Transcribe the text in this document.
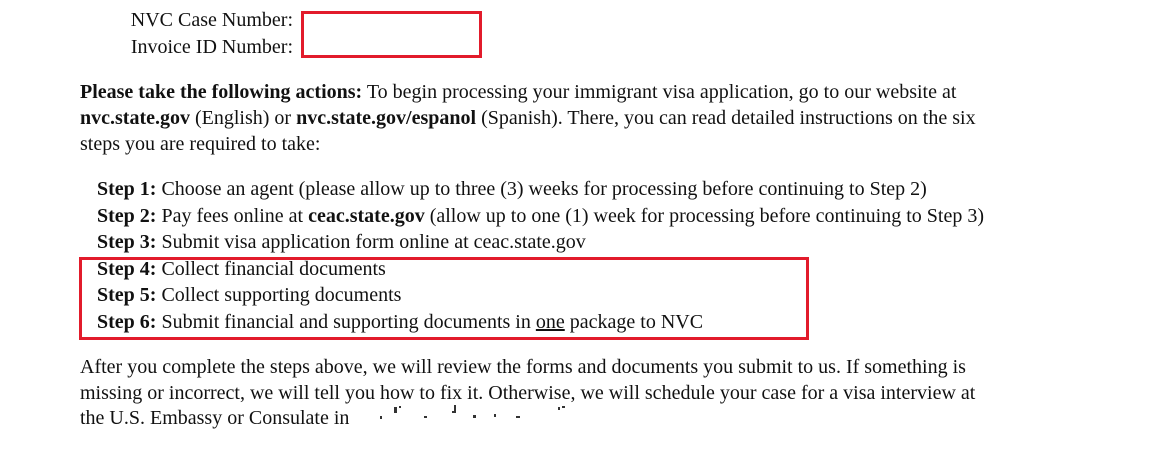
NVC Case Number:
Invoice ID Number:
Please take the following actions: To begin processing your immigrant visa application, go to our website at
nvc.state.gov (English) or nvc.state.gov/espanol (Spanish). There, you can read detailed instructions on the six
steps you are required to take:
Step 1: Choose an agent (please allow up to three (3) weeks for processing before continuing to Step 2)
Step 2: Pay fees online at ceac.state.gov (allow up to one (1) week for processing before continuing to Step 3)
Step 3: Submit visa application form online at ceac.state.gov
Step 4: Collect financial documents
Step 5: Collect supporting documents
Step 6: Submit financial and supporting documents in one package to NVC
After you complete the steps above, we will review the forms and documents you submit to us. If something is
missing or incorrect, we will tell you how to fix it. Otherwise, we will schedule your case for a visa interview at
the U.S. Embassy or Consulate in
